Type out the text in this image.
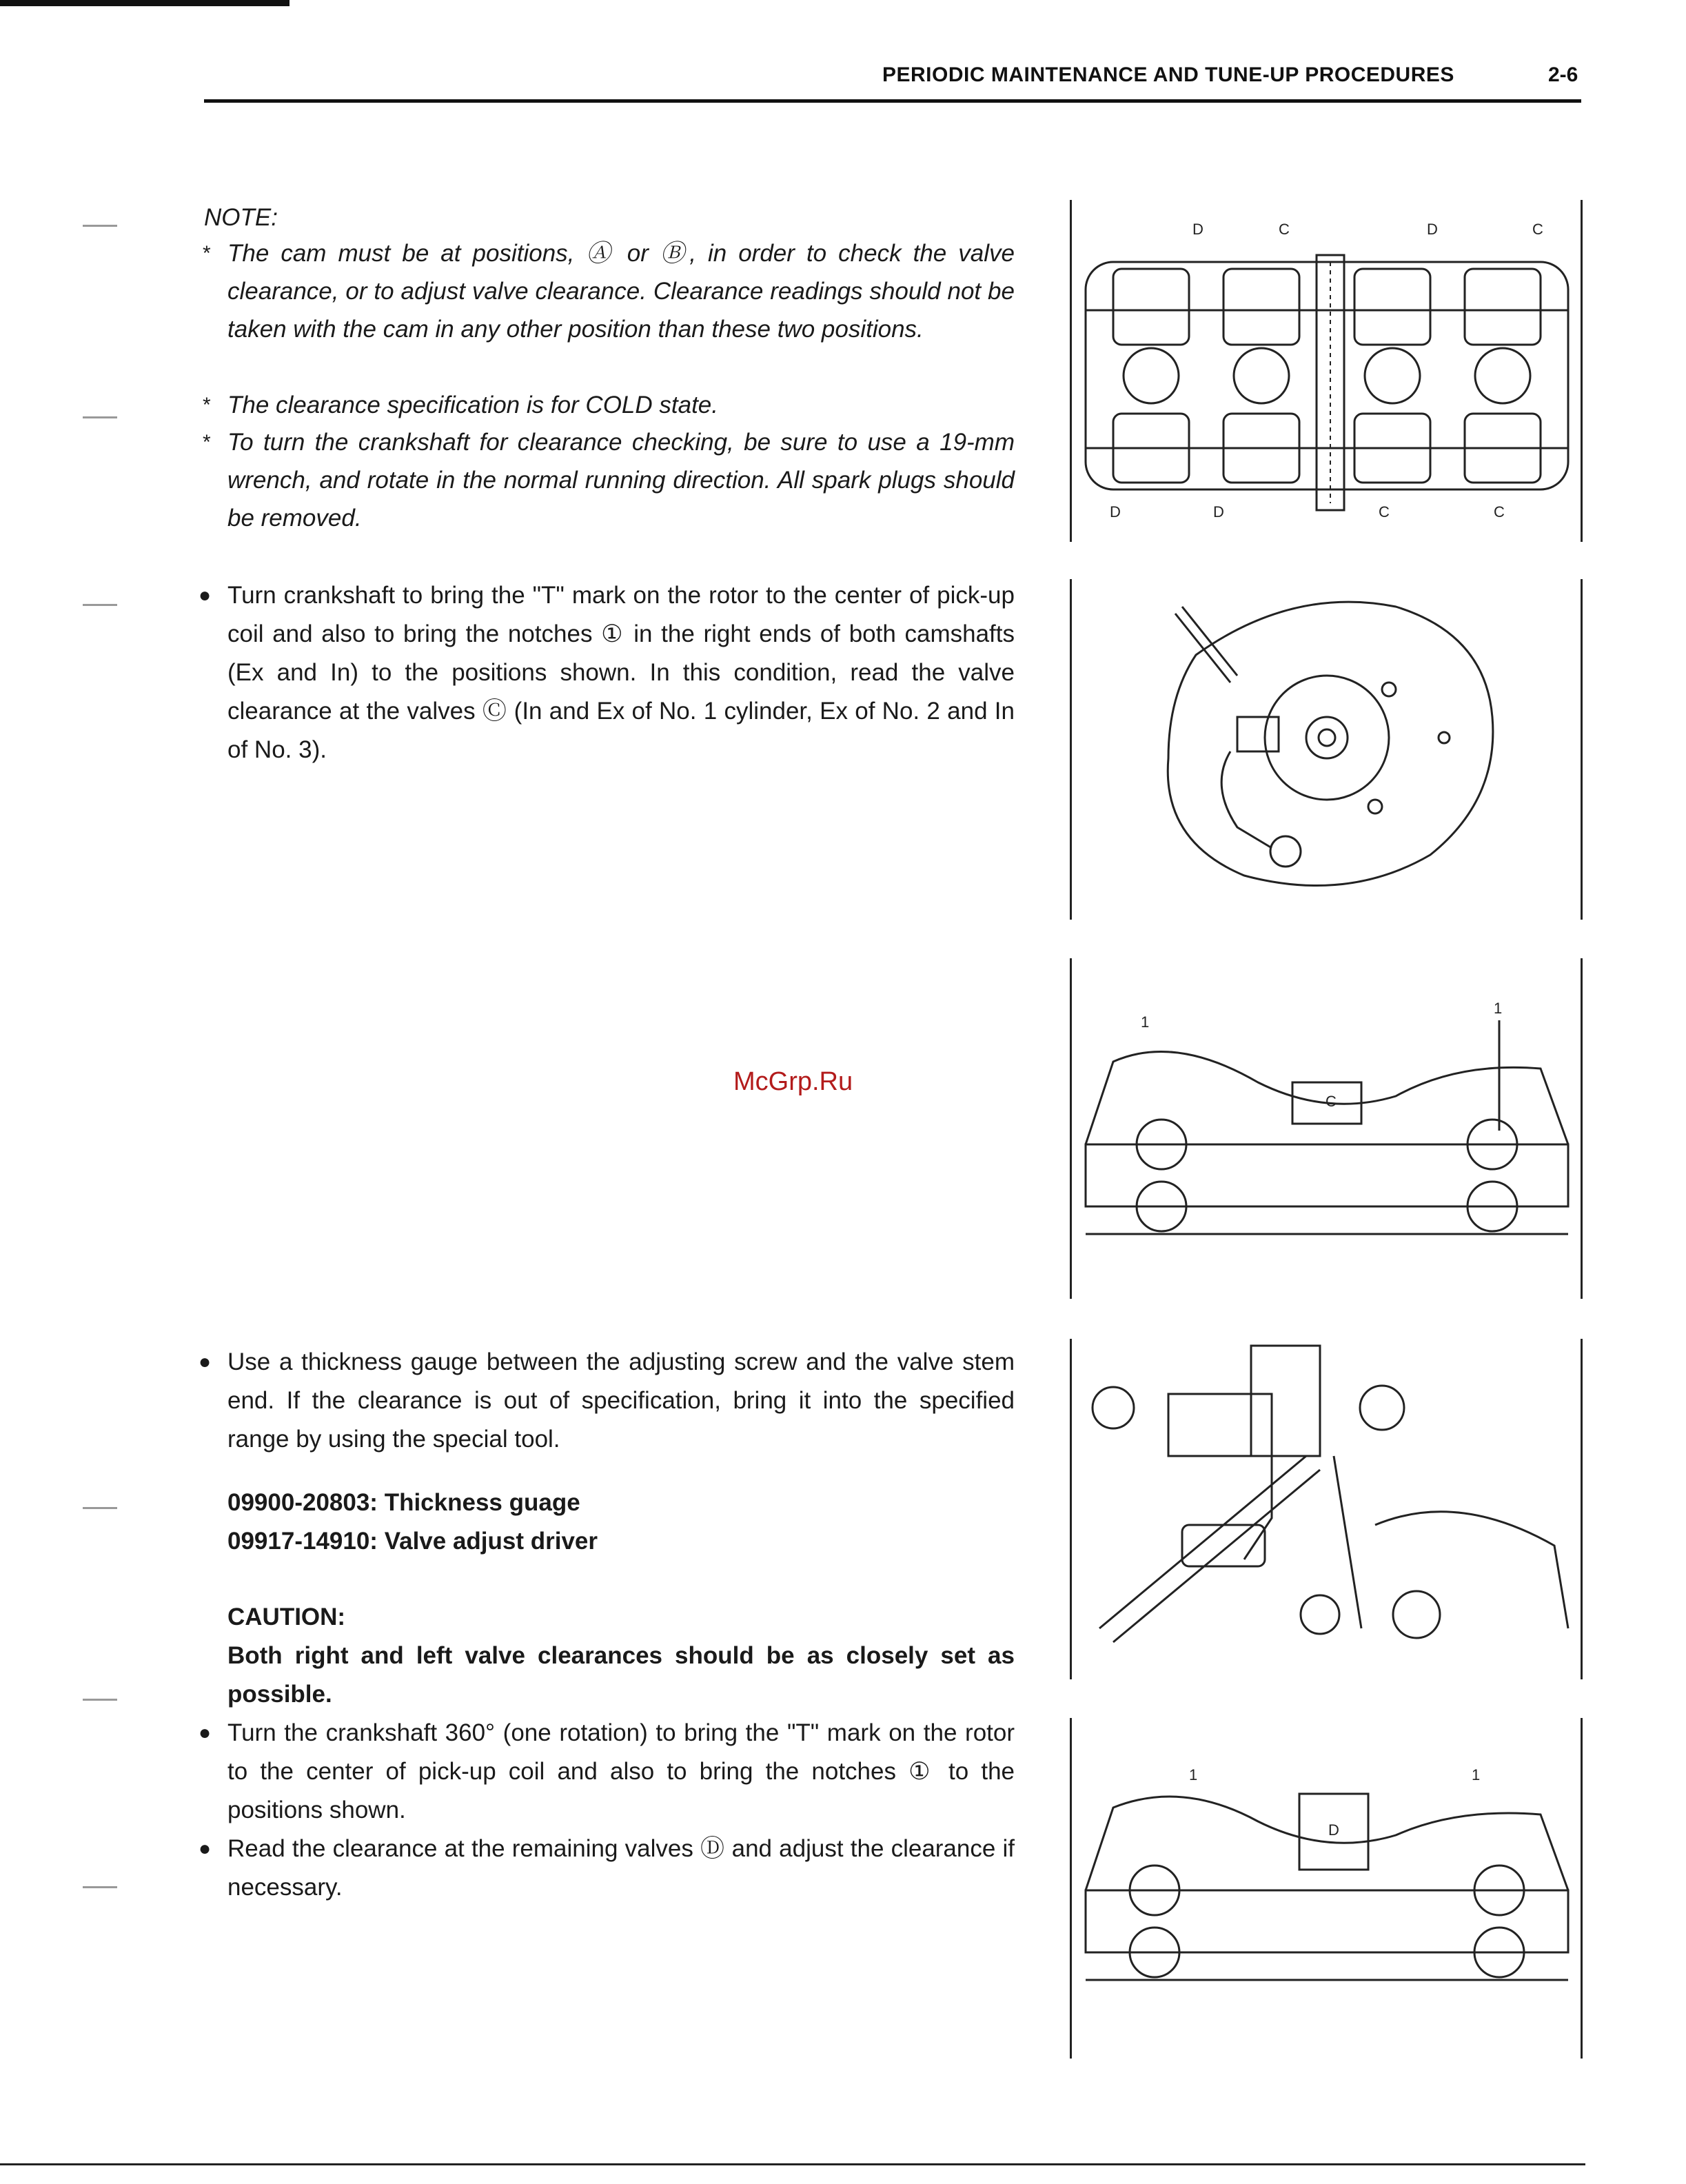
PERIODIC MAINTENANCE AND TUNE-UP PROCEDURES	2-6
NOTE:
* The cam must be at positions, Ⓐ or Ⓑ, in order to check the valve clearance, or to adjust valve clearance. Clearance readings should not be taken with the cam in any other position than these two positions.
* The clearance specification is for COLD state.
* To turn the crankshaft for clearance checking, be sure to use a 19-mm wrench, and rotate in the normal running direction. All spark plugs should be removed.
● Turn crankshaft to bring the "T" mark on the rotor to the center of pick-up coil and also to bring the notches ① in the right ends of both camshafts (Ex and In) to the positions shown. In this condition, read the valve clearance at the valves Ⓒ (In and Ex of No. 1 cylinder, Ex of No. 2 and In of No. 3).
McGrp.Ru
● Use a thickness gauge between the adjusting screw and the valve stem end. If the clearance is out of specification, bring it into the specified range by using the special tool.
09900-20803: Thickness guage
09917-14910: Valve adjust driver
CAUTION:
Both right and left valve clearances should be as closely set as possible.
● Turn the crankshaft 360° (one rotation) to bring the "T" mark on the rotor to the center of pick-up coil and also to bring the notches ① to the positions shown.
● Read the clearance at the remaining valves Ⓓ and adjust the clearance if necessary.
D	C	D	C
D	D	C	C
1
1
C
1	1
D
